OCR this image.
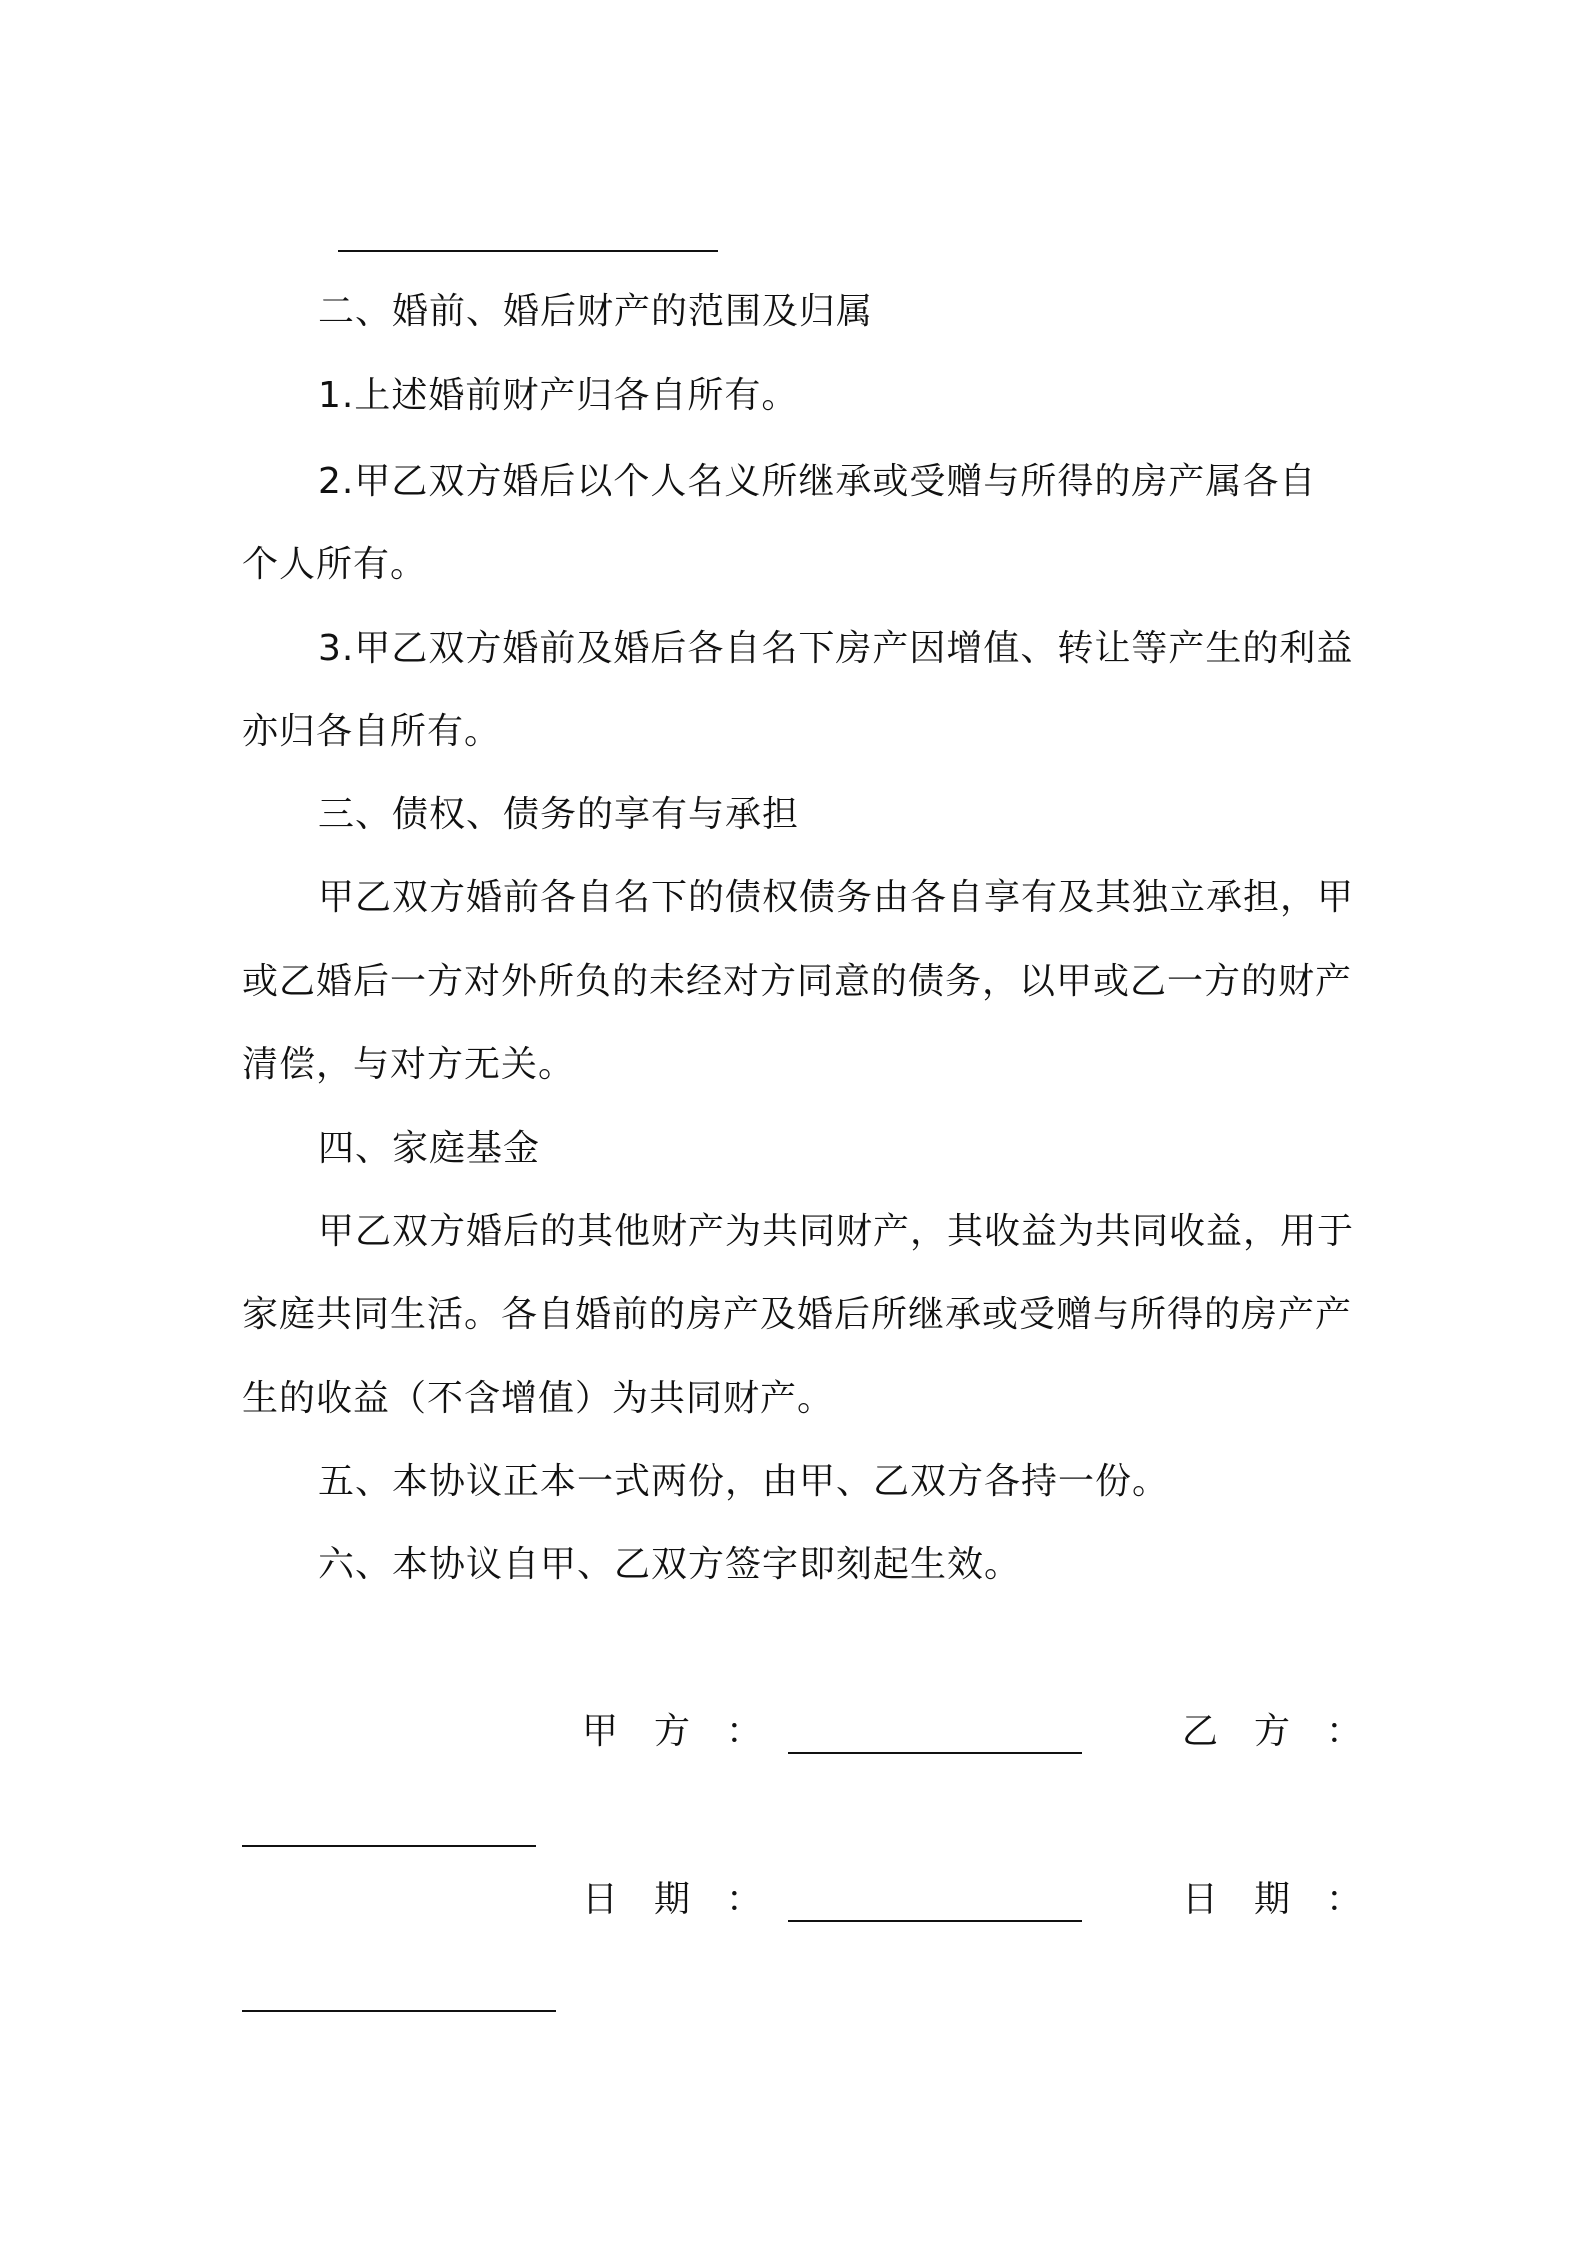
二、婚前、婚后财产的范围及归属
1.上述婚前财产归各自所有。
2.甲乙双方婚后以个人名义所继承或受赠与所得的房产属各自
个人所有。
3.甲乙双方婚前及婚后各自名下房产因增值、转让等产生的利益
亦归各自所有。
三、债权、债务的享有与承担
甲乙双方婚前各自名下的债权债务由各自享有及其独立承担，甲
或乙婚后一方对外所负的未经对方同意的债务，以甲或乙一方的财产
清偿，与对方无关。
四、家庭基金
甲乙双方婚后的其他财产为共同财产，其收益为共同收益，用于
家庭共同生活。各自婚前的房产及婚后所继承或受赠与所得的房产产
生的收益（不含增值）为共同财产。
五、本协议正本一式两份，由甲、乙双方各持一份。
六、本协议自甲、乙双方签字即刻起生效。
甲方：	乙方：
日期：	日期：
